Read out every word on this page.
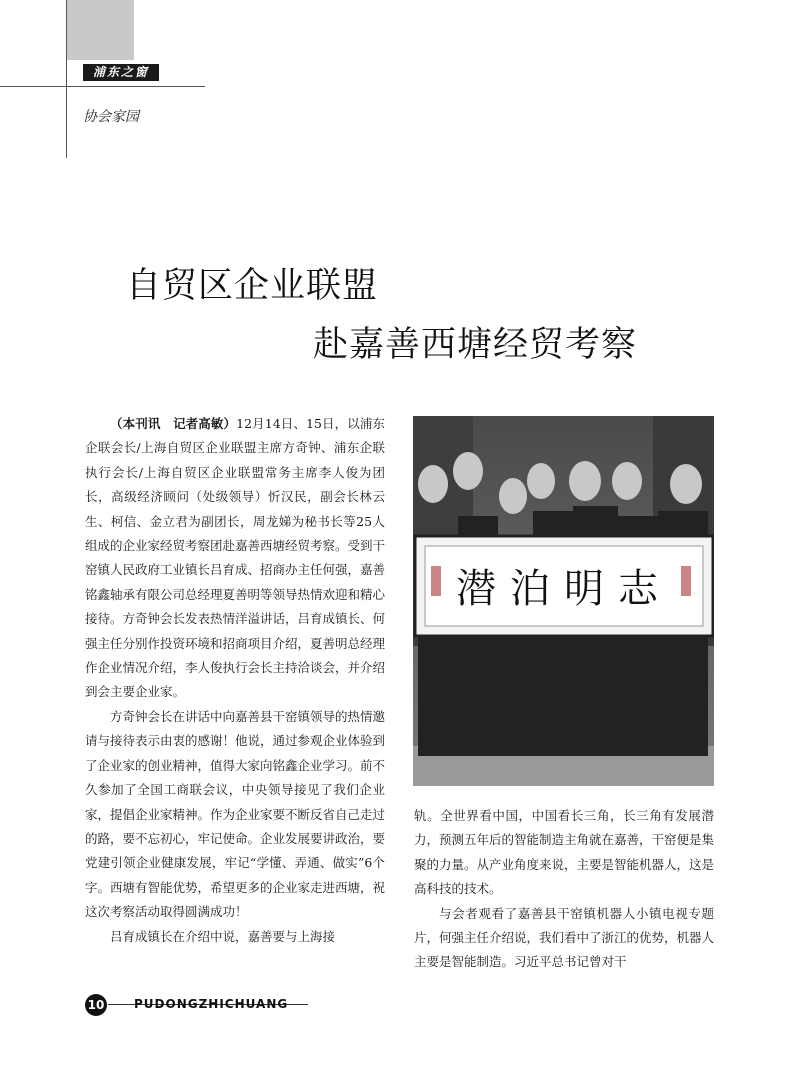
浦东之窗
协会家园
自贸区企业联盟
赴嘉善西塘经贸考察

（本刊讯　记者高敏）12月14日、15日，以浦东企联会长/上海自贸区企业联盟主席方奇钟、浦东企联执行会长/上海自贸区企业联盟常务主席李人俊为团长，高级经济顾问（处级领导）忻汉民，副会长林云生、柯信、金立君为副团长，周龙娣为秘书长等25人组成的企业家经贸考察团赴嘉善西塘经贸考察。受到干窑镇人民政府工业镇长吕育成、招商办主任何强，嘉善铭鑫轴承有限公司总经理夏善明等领导热情欢迎和精心接待。方奇钟会长发表热情洋溢讲话，吕育成镇长、何强主任分别作投资环境和招商项目介绍，夏善明总经理作企业情况介绍，李人俊执行会长主持洽谈会，并介绍到会主要企业家。

方奇钟会长在讲话中向嘉善县干窑镇领导的热情邀请与接待表示由衷的感谢！他说，通过参观企业体验到了企业家的创业精神，值得大家向铭鑫企业学习。前不久参加了全国工商联会议，中央领导接见了我们企业家，提倡企业家精神。作为企业家要不断反省自己走过的路，要不忘初心，牢记使命。企业发展要讲政治，要党建引领企业健康发展，牢记“学懂、弄通、做实”6个字。西塘有智能优势，希望更多的企业家走进西塘，祝这次考察活动取得圆满成功！

吕育成镇长在介绍中说，嘉善要与上海接

潜泊明志

轨。全世界看中国，中国看长三角，长三角有发展潜力，预测五年后的智能制造主角就在嘉善，干窑便是集聚的力量。从产业角度来说，主要是智能机器人，这是高科技的技术。

与会者观看了嘉善县干窑镇机器人小镇电视专题片，何强主任介绍说，我们看中了浙江的优势，机器人主要是智能制造。习近平总书记曾对干

10 PUDONGZHICHUANG
